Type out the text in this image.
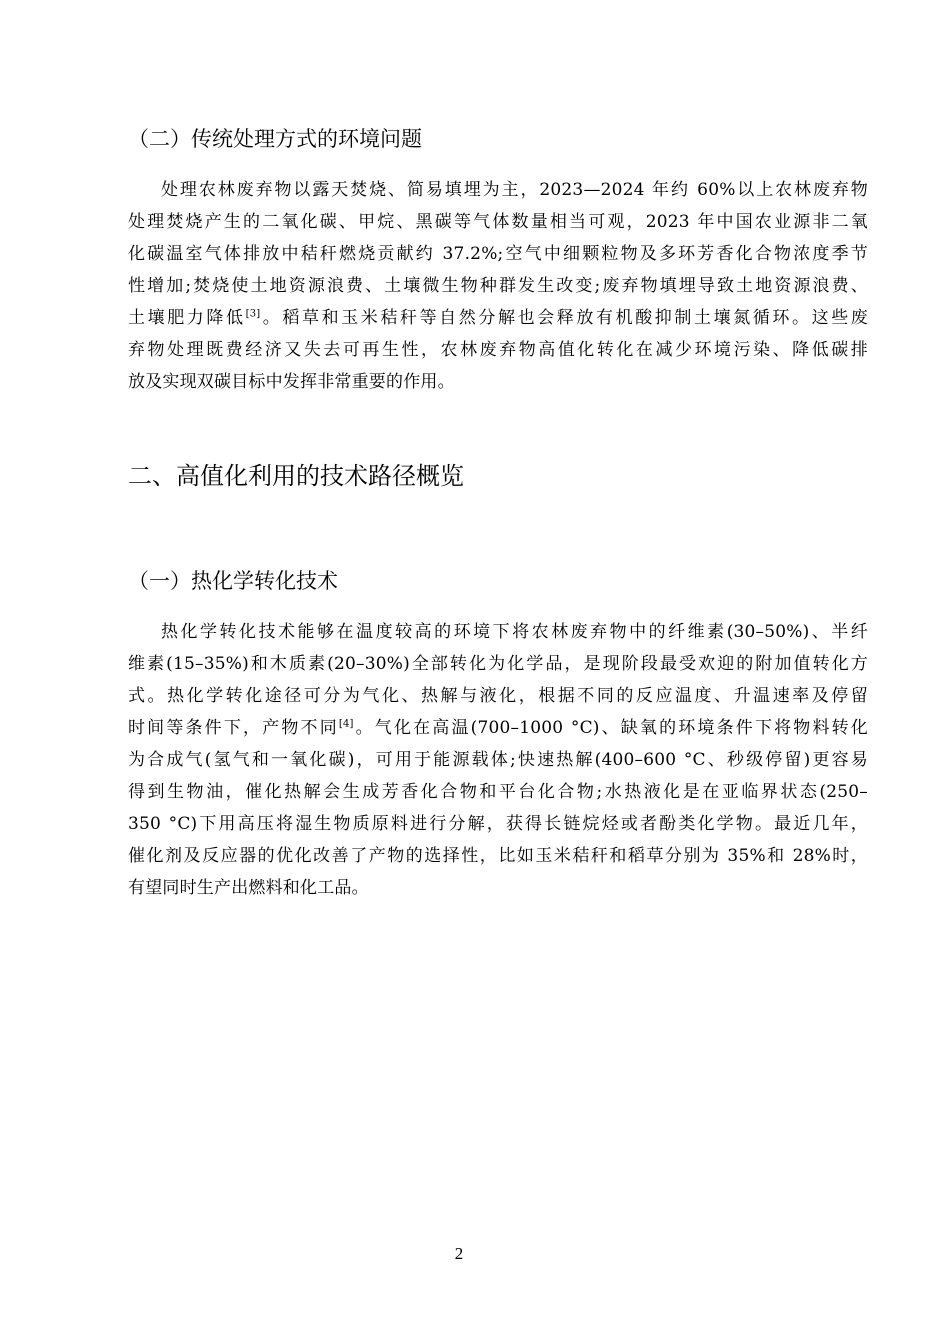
（二）传统处理方式的环境问题
处理农林废弃物以露天焚烧、简易填埋为主，2023—2024 年约 60%以上农林废弃物
处理焚烧产生的二氧化碳、甲烷、黑碳等气体数量相当可观，2023 年中国农业源非二氧
化碳温室气体排放中秸秆燃烧贡献约 37.2%;空气中细颗粒物及多环芳香化合物浓度季节
性增加;焚烧使土地资源浪费、土壤微生物种群发生改变;废弃物填埋导致土地资源浪费、
土壤肥力降低[3]。稻草和玉米秸秆等自然分解也会释放有机酸抑制土壤氮循环。这些废
弃物处理既费经济又失去可再生性，农林废弃物高值化转化在减少环境污染、降低碳排
放及实现双碳目标中发挥非常重要的作用。
二、高值化利用的技术路径概览
（一）热化学转化技术
热化学转化技术能够在温度较高的环境下将农林废弃物中的纤维素(30–50%)、半纤
维素(15–35%)和木质素(20–30%)全部转化为化学品，是现阶段最受欢迎的附加值转化方
式。热化学转化途径可分为气化、热解与液化，根据不同的反应温度、升温速率及停留
时间等条件下，产物不同[4]。气化在高温(700–1000 °C)、缺氧的环境条件下将物料转化
为合成气(氢气和一氧化碳)，可用于能源载体;快速热解(400–600 °C、秒级停留)更容易
得到生物油，催化热解会生成芳香化合物和平台化合物;水热液化是在亚临界状态(250–
350 °C)下用高压将湿生物质原料进行分解，获得长链烷烃或者酚类化学物。最近几年，
催化剂及反应器的优化改善了产物的选择性，比如玉米秸秆和稻草分别为 35%和 28%时，
有望同时生产出燃料和化工品。
2
